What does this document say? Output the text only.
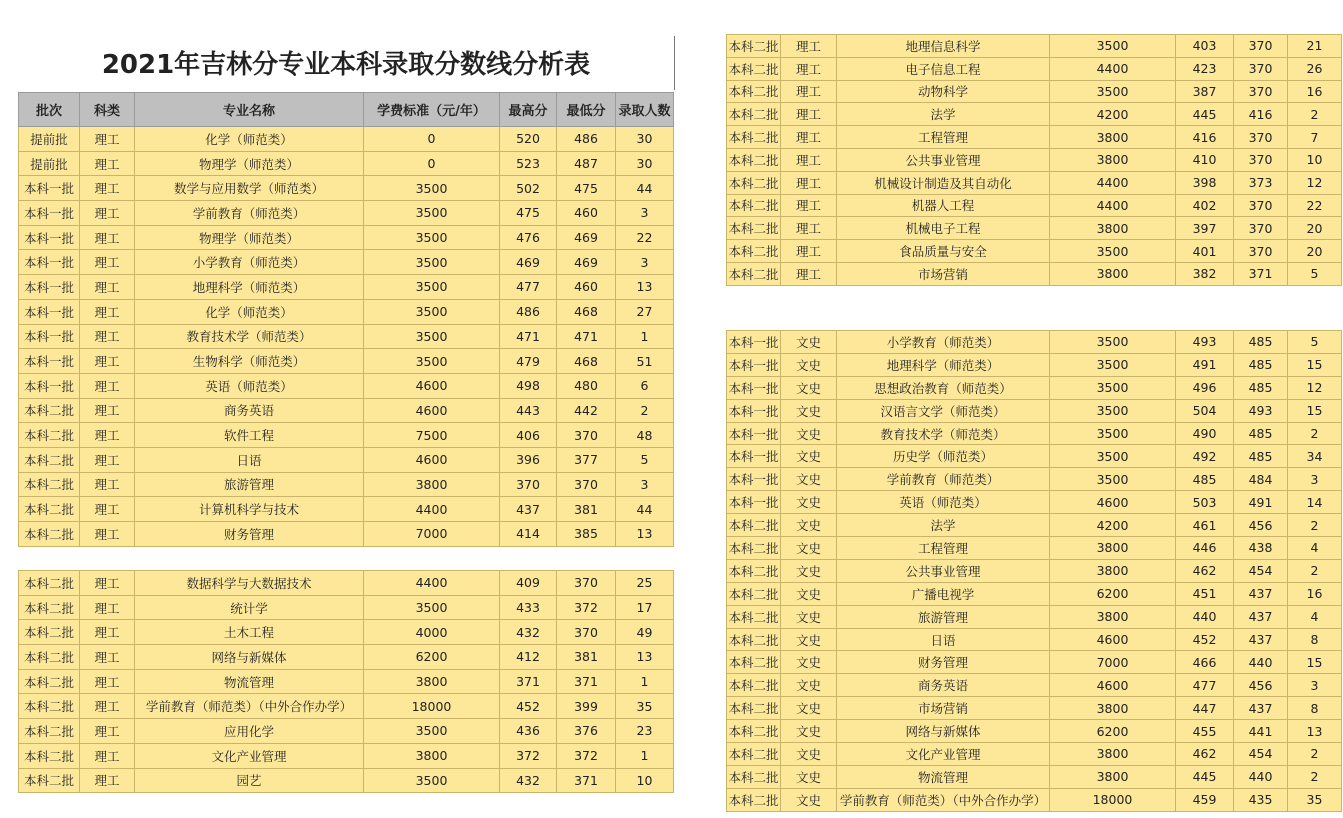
2021年吉林分专业本科录取分数线分析表
批次	科类	专业名称	学费标准（元/年）	最高分	最低分	录取人数
提前批	理工	化学（师范类）	0	520	486	30
提前批	理工	物理学（师范类）	0	523	487	30
本科一批	理工	数学与应用数学（师范类）	3500	502	475	44
本科一批	理工	学前教育（师范类）	3500	475	460	3
本科一批	理工	物理学（师范类）	3500	476	469	22
本科一批	理工	小学教育（师范类）	3500	469	469	3
本科一批	理工	地理科学（师范类）	3500	477	460	13
本科一批	理工	化学（师范类）	3500	486	468	27
本科一批	理工	教育技术学（师范类）	3500	471	471	1
本科一批	理工	生物科学（师范类）	3500	479	468	51
本科一批	理工	英语（师范类）	4600	498	480	6
本科二批	理工	商务英语	4600	443	442	2
本科二批	理工	软件工程	7500	406	370	48
本科二批	理工	日语	4600	396	377	5
本科二批	理工	旅游管理	3800	370	370	3
本科二批	理工	计算机科学与技术	4400	437	381	44
本科二批	理工	财务管理	7000	414	385	13
本科二批	理工	数据科学与大数据技术	4400	409	370	25
本科二批	理工	统计学	3500	433	372	17
本科二批	理工	土木工程	4000	432	370	49
本科二批	理工	网络与新媒体	6200	412	381	13
本科二批	理工	物流管理	3800	371	371	1
本科二批	理工	学前教育（师范类）（中外合作办学）	18000	452	399	35
本科二批	理工	应用化学	3500	436	376	23
本科二批	理工	文化产业管理	3800	372	372	1
本科二批	理工	园艺	3500	432	371	10
本科二批	理工	地理信息科学	3500	403	370	21
本科二批	理工	电子信息工程	4400	423	370	26
本科二批	理工	动物科学	3500	387	370	16
本科二批	理工	法学	4200	445	416	2
本科二批	理工	工程管理	3800	416	370	7
本科二批	理工	公共事业管理	3800	410	370	10
本科二批	理工	机械设计制造及其自动化	4400	398	373	12
本科二批	理工	机器人工程	4400	402	370	22
本科二批	理工	机械电子工程	3800	397	370	20
本科二批	理工	食品质量与安全	3500	401	370	20
本科二批	理工	市场营销	3800	382	371	5
本科一批	文史	小学教育（师范类）	3500	493	485	5
本科一批	文史	地理科学（师范类）	3500	491	485	15
本科一批	文史	思想政治教育（师范类）	3500	496	485	12
本科一批	文史	汉语言文学（师范类）	3500	504	493	15
本科一批	文史	教育技术学（师范类）	3500	490	485	2
本科一批	文史	历史学（师范类）	3500	492	485	34
本科一批	文史	学前教育（师范类）	3500	485	484	3
本科一批	文史	英语（师范类）	4600	503	491	14
本科二批	文史	法学	4200	461	456	2
本科二批	文史	工程管理	3800	446	438	4
本科二批	文史	公共事业管理	3800	462	454	2
本科二批	文史	广播电视学	6200	451	437	16
本科二批	文史	旅游管理	3800	440	437	4
本科二批	文史	日语	4600	452	437	8
本科二批	文史	财务管理	7000	466	440	15
本科二批	文史	商务英语	4600	477	456	3
本科二批	文史	市场营销	3800	447	437	8
本科二批	文史	网络与新媒体	6200	455	441	13
本科二批	文史	文化产业管理	3800	462	454	2
本科二批	文史	物流管理	3800	445	440	2
本科二批	文史	学前教育（师范类）（中外合作办学）	18000	459	435	35
